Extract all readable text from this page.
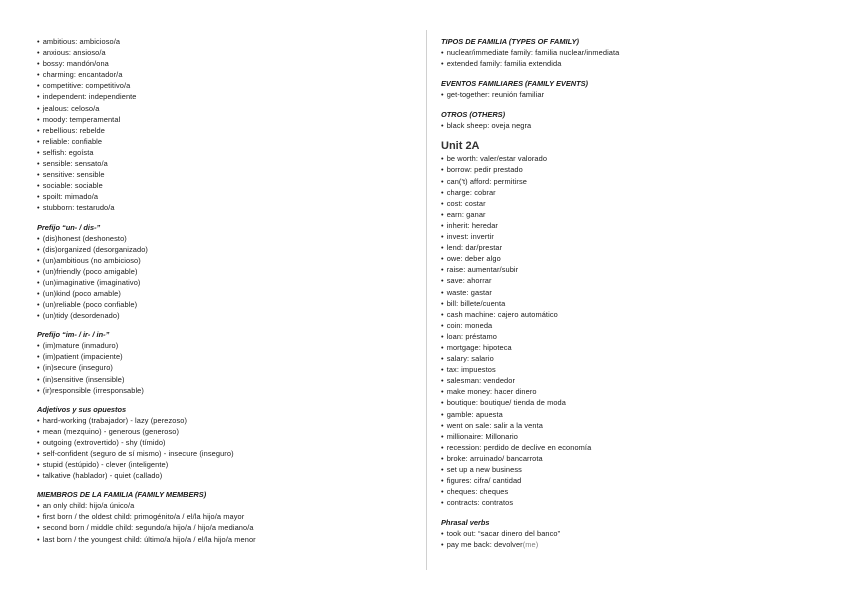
• ambitious: ambicioso/a
• anxious: ansioso/a
• bossy: mandón/ona
• charming: encantador/a
• competitive: competitivo/a
• independent: independiente
• jealous: celoso/a
• moody: temperamental
• rebellious: rebelde
• reliable: confiable
• selfish: egoísta
• sensible: sensato/a
• sensitive: sensible
• sociable: sociable
• spoilt: mimado/a
• stubborn: testarudo/a
Prefijo “un- / dis-”
• (dis)honest (deshonesto)
• (dis)organized (desorganizado)
• (un)ambitious (no ambicioso)
• (un)friendly (poco amigable)
• (un)imaginative (imaginativo)
• (un)kind (poco amable)
• (un)reliable (poco confiable)
• (un)tidy (desordenado)
Prefijo “im- / ir- / in-”
• (im)mature (inmaduro)
• (im)patient (impaciente)
• (in)secure (inseguro)
• (in)sensitive (insensible)
• (ir)responsible (irresponsable)
Adjetivos y sus opuestos
• hard-working (trabajador) - lazy (perezoso)
• mean (mezquino) - generous (generoso)
• outgoing (extrovertido) - shy (tímido)
• self-confident (seguro de sí mismo) - insecure (inseguro)
• stupid (estúpido) - clever (inteligente)
• talkative (hablador) - quiet (callado)
MIEMBROS DE LA FAMILIA (FAMILY MEMBERS)
• an only child: hijo/a único/a
• first born / the oldest child: primogénito/a / el/la hijo/a mayor
• second born / middle child: segundo/a hijo/a / hijo/a mediano/a
• last born / the youngest child: último/a hijo/a / el/la hijo/a menor
TIPOS DE FAMILIA (TYPES OF FAMILY)
• nuclear/immediate family: familia nuclear/inmediata
• extended family: familia extendida
EVENTOS FAMILIARES (FAMILY EVENTS)
• get-together: reunión familiar
OTROS (OTHERS)
• black sheep: oveja negra
Unit 2A
• be worth: valer/estar valorado
• borrow: pedir prestado
• can('t) afford: permitirse
• charge: cobrar
• cost: costar
• earn: ganar
• inherit: heredar
• invest: invertir
• lend: dar/prestar
• owe: deber algo
• raise: aumentar/subir
• save: ahorrar
• waste: gastar
• bill: billete/cuenta
• cash machine: cajero automático
• coin: moneda
• loan: préstamo
• mortgage: hipoteca
• salary: salario
• tax: impuestos
• salesman: vendedor
• make money: hacer dinero
• boutique: boutique/ tienda de moda
• gamble: apuesta
• went on sale: salir a la venta
• millionaire: Millonario
• recession: perdido de declive en economía
• broke: arruinado/ bancarrota
• set up a new business
• figures: cifra/ cantidad
• cheques: cheques
• contracts: contratos
Phrasal verbs
• took out: “sacar dinero del banco”
• pay me back: devolver(me)
